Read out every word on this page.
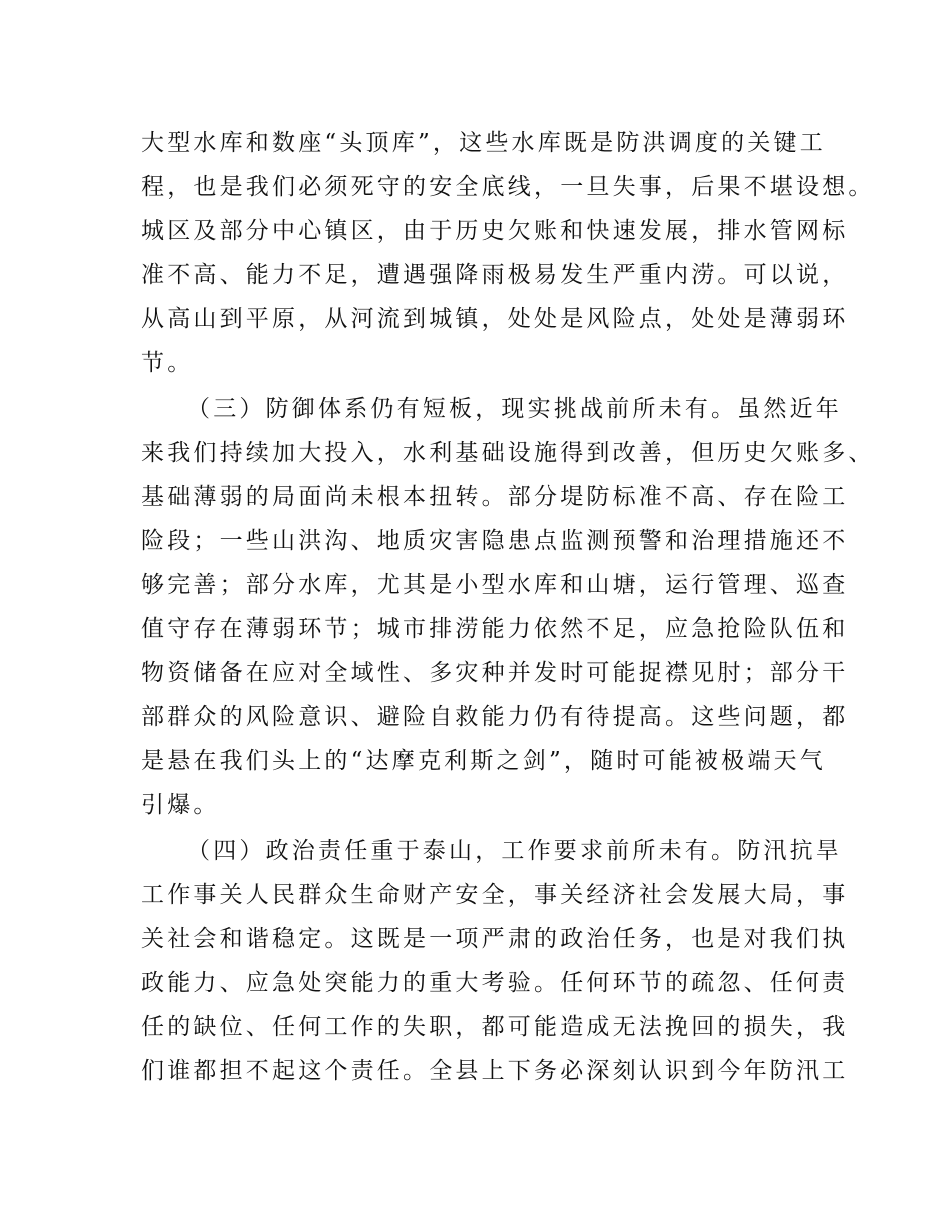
大型水库和数座“头顶库”，这些水库既是防洪调度的关键工
程，也是我们必须死守的安全底线，一旦失事，后果不堪设想。
城区及部分中心镇区，由于历史欠账和快速发展，排水管网标
准不高、能力不足，遭遇强降雨极易发生严重内涝。可以说，
从高山到平原，从河流到城镇，处处是风险点，处处是薄弱环
节。
（三）防御体系仍有短板，现实挑战前所未有。虽然近年
来我们持续加大投入，水利基础设施得到改善，但历史欠账多、
基础薄弱的局面尚未根本扭转。部分堤防标准不高、存在险工
险段；一些山洪沟、地质灾害隐患点监测预警和治理措施还不
够完善；部分水库，尤其是小型水库和山塘，运行管理、巡查
值守存在薄弱环节；城市排涝能力依然不足，应急抢险队伍和
物资储备在应对全域性、多灾种并发时可能捉襟见肘；部分干
部群众的风险意识、避险自救能力仍有待提高。这些问题，都
是悬在我们头上的“达摩克利斯之剑”，随时可能被极端天气
引爆。
（四）政治责任重于泰山，工作要求前所未有。防汛抗旱
工作事关人民群众生命财产安全，事关经济社会发展大局，事
关社会和谐稳定。这既是一项严肃的政治任务，也是对我们执
政能力、应急处突能力的重大考验。任何环节的疏忽、任何责
任的缺位、任何工作的失职，都可能造成无法挽回的损失，我
们谁都担不起这个责任。全县上下务必深刻认识到今年防汛工
